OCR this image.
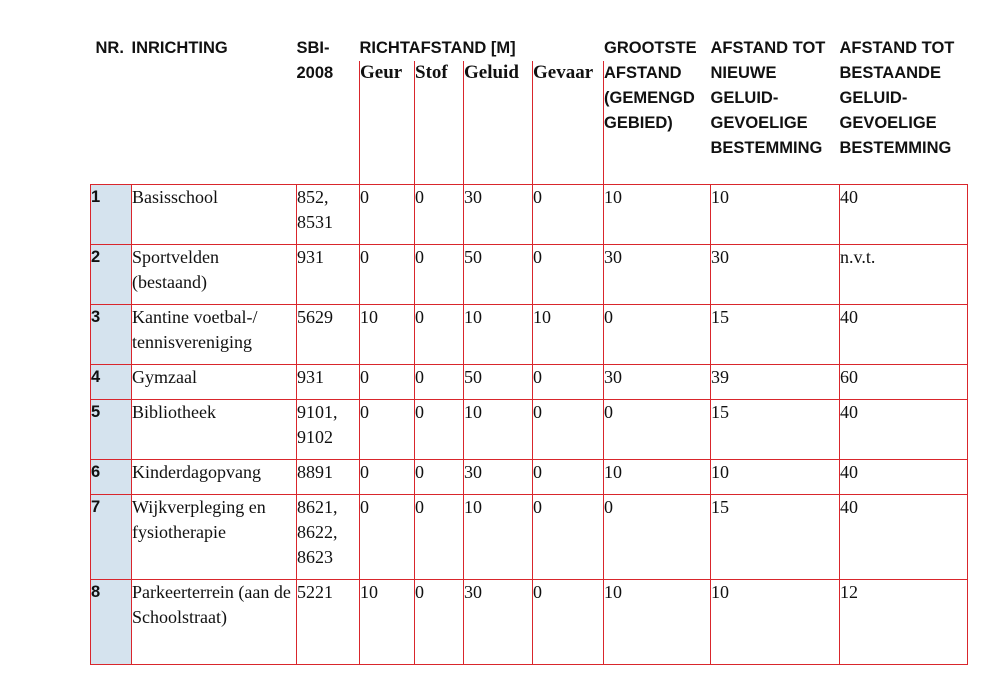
NR.	INRICHTING	SBI-2008	RICHTAFSTAND [M]				GROOTSTE AFSTAND (GEMENGD GEBIED)	AFSTAND TOT NIEUWE GELUID-GEVOELIGE BESTEMMING	AFSTAND TOT BESTAANDE GELUID-GEVOELIGE BESTEMMING
			Geur	Stof	Geluid	Gevaar			
1	Basisschool	852, 8531	0	0	30	0	10	10	40
2	Sportvelden (bestaand)	931	0	0	50	0	30	30	n.v.t.
3	Kantine voetbal-/ tennisvereniging	5629	10	0	10	10	0	15	40
4	Gymzaal	931	0	0	50	0	30	39	60
5	Bibliotheek	9101, 9102	0	0	10	0	0	15	40
6	Kinderdagopvang	8891	0	0	30	0	10	10	40
7	Wijkverpleging en fysiotherapie	8621, 8622, 8623	0	0	10	0	0	15	40
8	Parkeerterrein (aan de Schoolstraat)	5221	10	0	30	0	10	10	12
